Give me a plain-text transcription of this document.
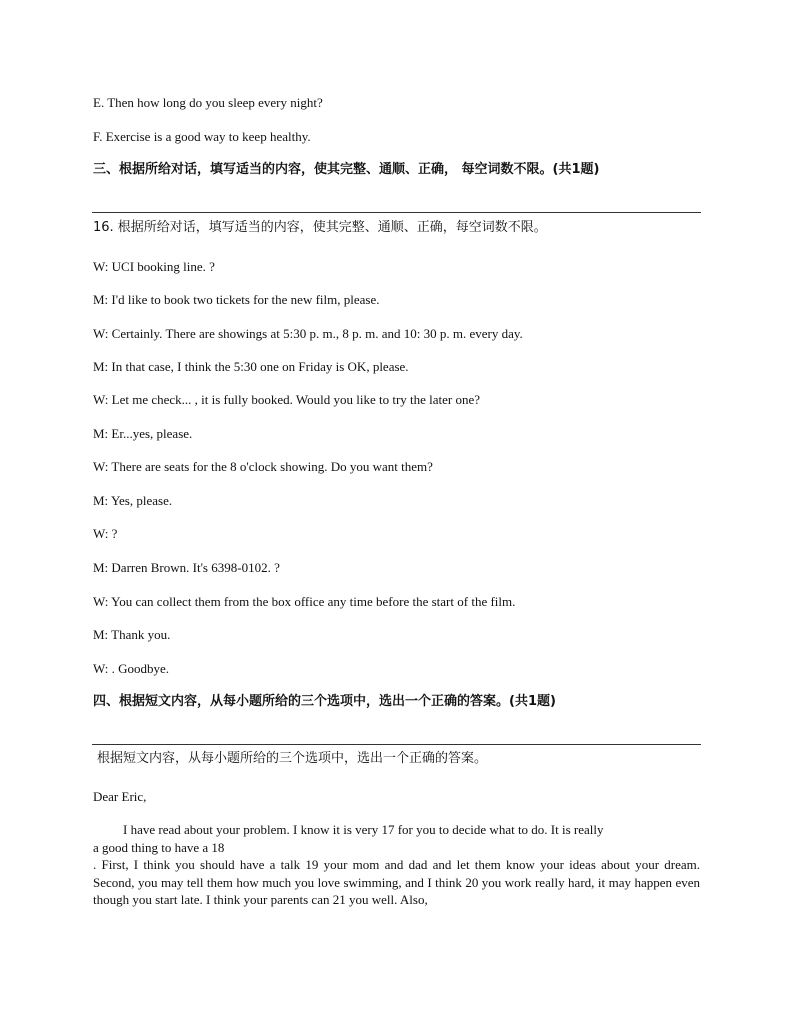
E. Then how long do you sleep every night?
F. Exercise is a good way to keep healthy.
三、根据所给对话，填写适当的内容，使其完整、通顺、正确， 每空词数不限。(共1题)
16. 根据所给对话，填写适当的内容，使其完整、通顺、正确，每空词数不限。
W: UCI booking line. ?
M: I'd like to book two tickets for the new film, please.
W: Certainly. There are showings at 5:30 p. m., 8 p. m. and 10: 30 p. m. every day.
M: In that case, I think the 5:30 one on Friday is OK, please.
W: Let me check... , it is fully booked. Would you like to try the later one?
M: Er...yes, please.
W: There are seats for the 8 o'clock showing. Do you want them?
M: Yes, please.
W: ?
M: Darren Brown. It's 6398-0102. ?
W: You can collect them from the box office any time before the start of the film.
M: Thank you.
W: . Goodbye.
四、根据短文内容，从每小题所给的三个选项中，选出一个正确的答案。(共1题)
根据短文内容，从每小题所给的三个选项中，选出一个正确的答案。
Dear Eric,
I have read about your problem. I know it is very 17 for you to decide what to do. It is really
a good thing to have a 18
. First, I think you should have a talk 19 your mom and dad and let them know your ideas about your dream. Second, you may tell them how much you love swimming, and I think 20 you work really hard, it may happen even though you start late. I think your parents can 21 you well. Also,
